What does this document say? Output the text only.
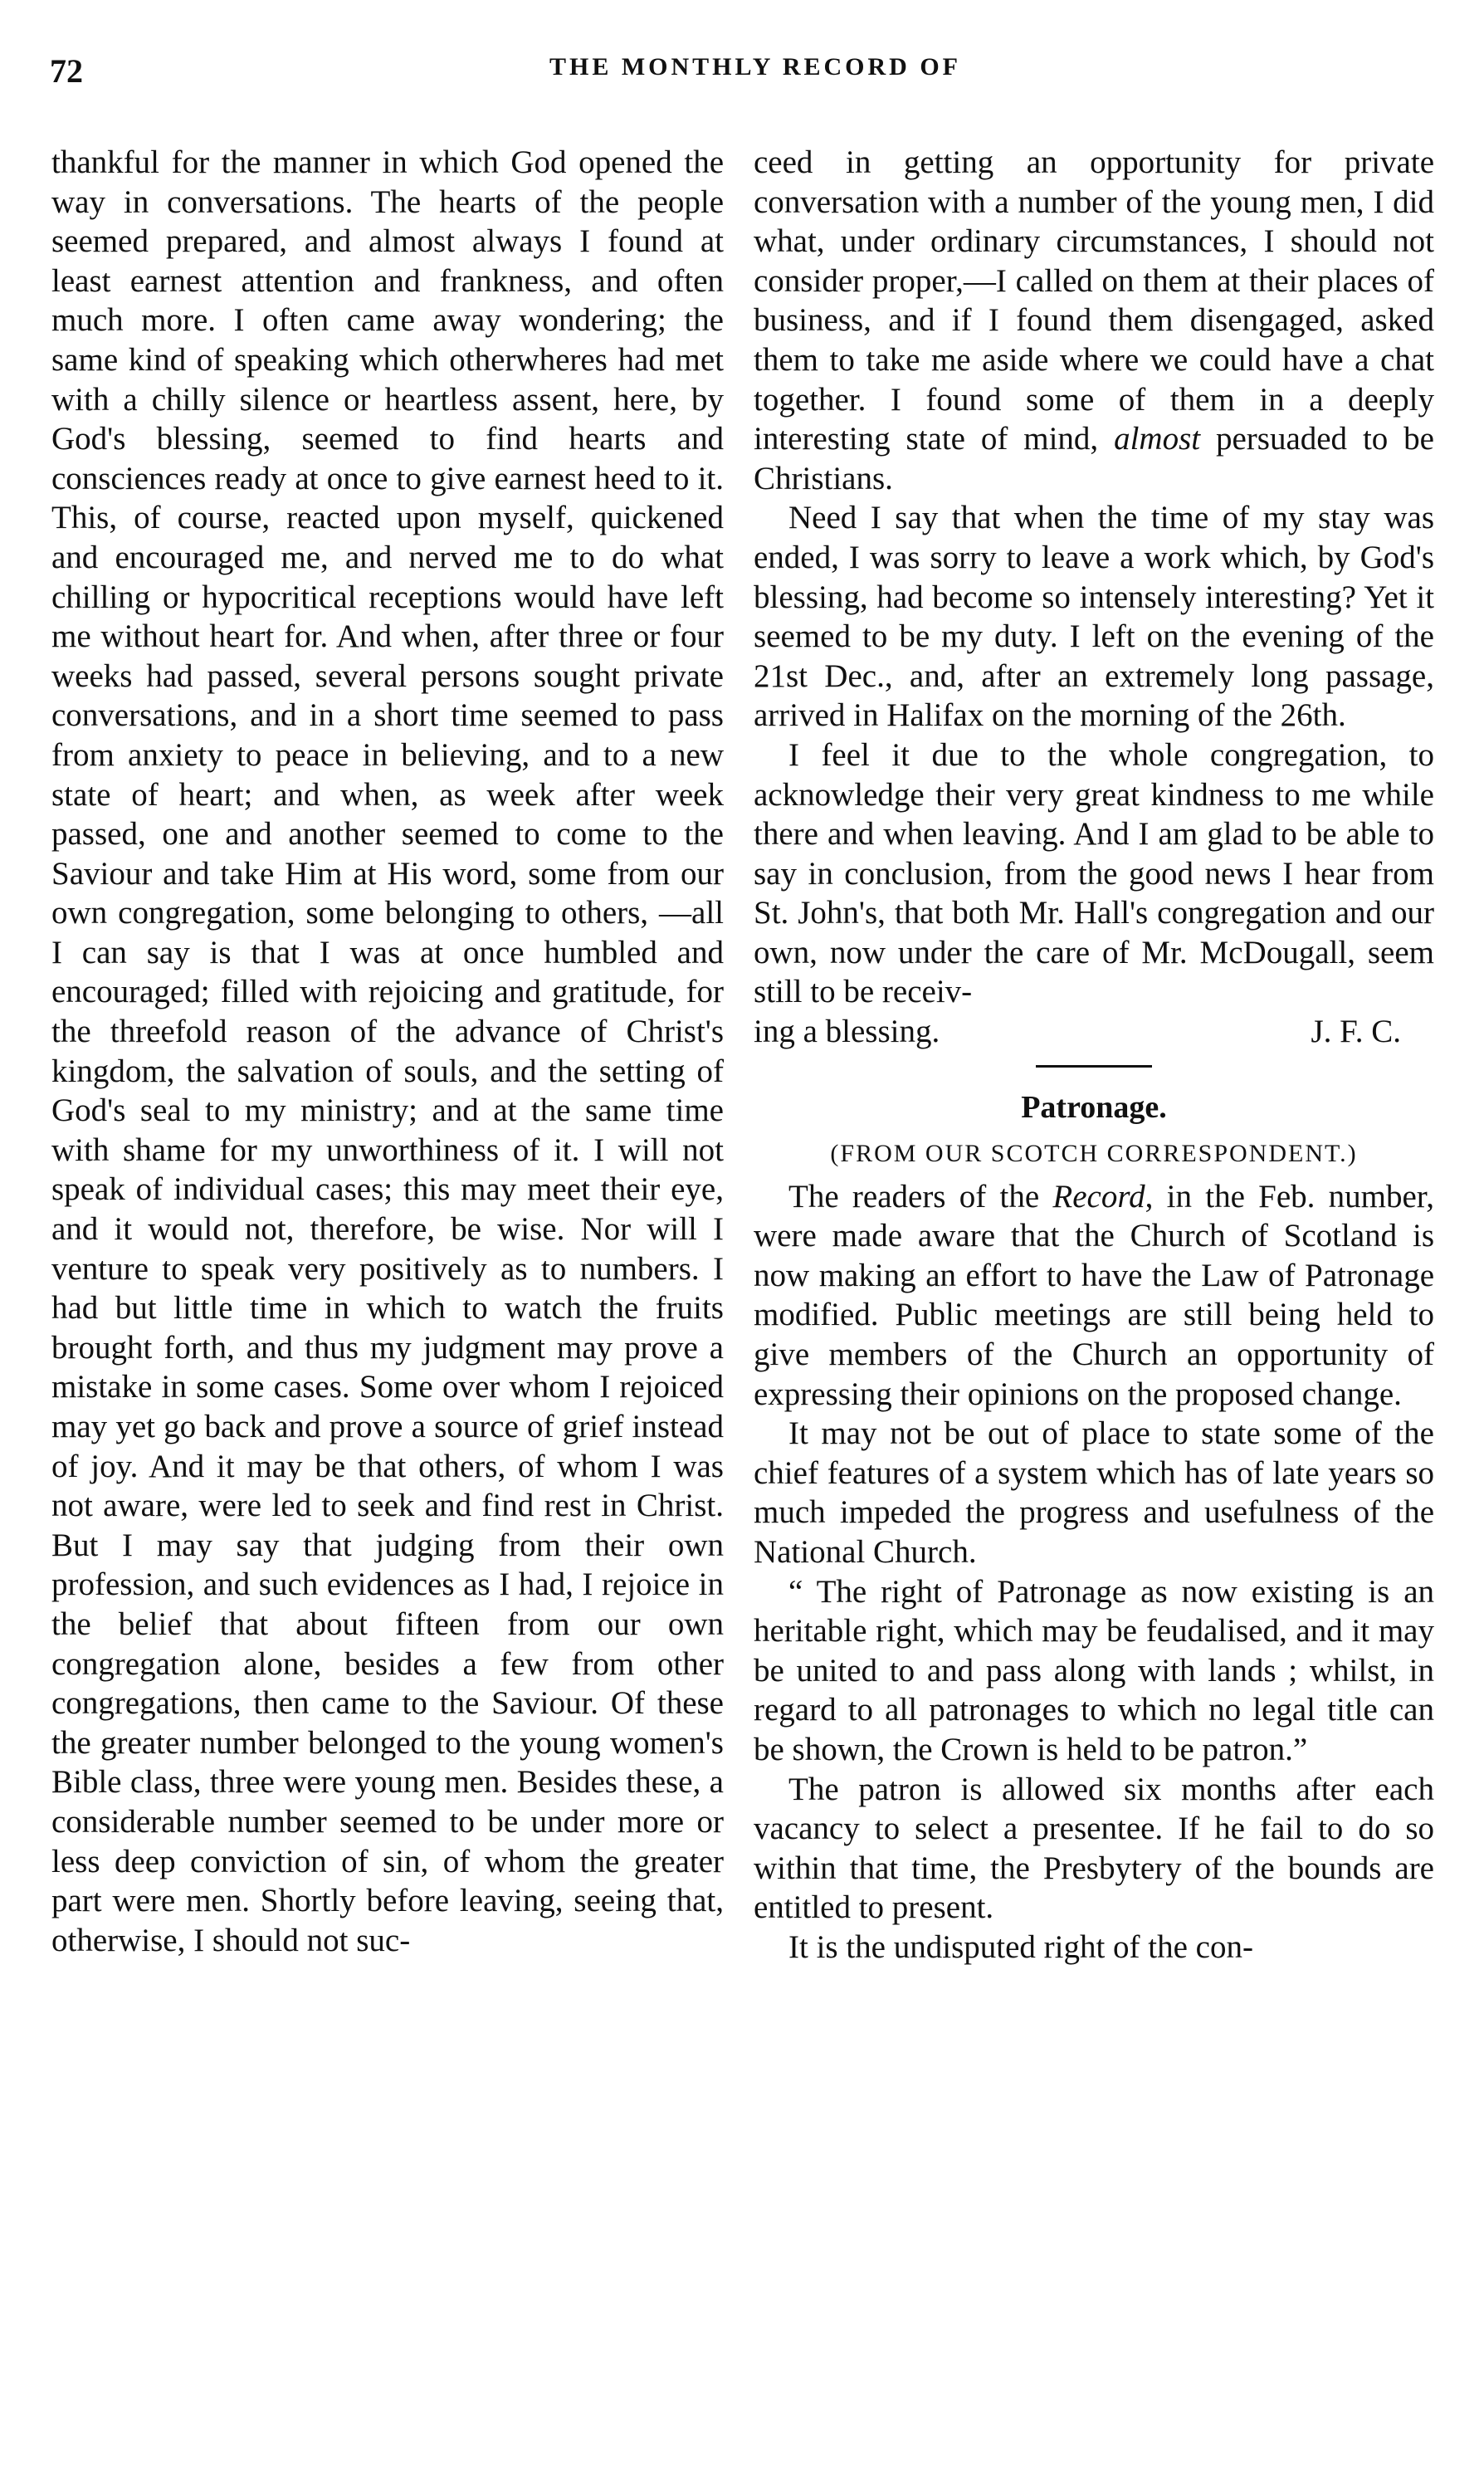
72	THE MONTHLY RECORD OF

thankful for the manner in which God opened the way in conversations. The hearts of the people seemed prepared, and almost always I found at least earnest attention and frankness, and often much more. I often came away wondering; the same kind of speaking which otherwheres had met with a chilly silence or heartless assent, here, by God's blessing, seemed to find hearts and consciences ready at once to give earnest heed to it. This, of course, reacted upon myself, quickened and encouraged me, and nerved me to do what chilling or hypocritical receptions would have left me without heart for. And when, after three or four weeks had passed, several persons sought private conversations, and in a short time seemed to pass from anxiety to peace in believing, and to a new state of heart; and when, as week after week passed, one and another seemed to come to the Saviour and take Him at His word, some from our own congregation, some belonging to others, —all I can say is that I was at once humbled and encouraged; filled with rejoicing and gratitude, for the threefold reason of the advance of Christ's kingdom, the salvation of souls, and the setting of God's seal to my ministry; and at the same time with shame for my unworthiness of it. I will not speak of individual cases; this may meet their eye, and it would not, therefore, be wise. Nor will I venture to speak very positively as to numbers. I had but little time in which to watch the fruits brought forth, and thus my judgment may prove a mistake in some cases. Some over whom I rejoiced may yet go back and prove a source of grief instead of joy. And it may be that others, of whom I was not aware, were led to seek and find rest in Christ. But I may say that judging from their own profession, and such evidences as I had, I rejoice in the belief that about fifteen from our own congregation alone, besides a few from other congregations, then came to the Saviour. Of these the greater number belonged to the young women's Bible class, three were young men. Besides these, a considerable number seemed to be under more or less deep conviction of sin, of whom the greater part were men. Shortly before leaving, seeing that, otherwise, I should not suc-

ceed in getting an opportunity for private conversation with a number of the young men, I did what, under ordinary circumstances, I should not consider proper,—I called on them at their places of business, and if I found them disengaged, asked them to take me aside where we could have a chat together. I found some of them in a deeply interesting state of mind, almost persuaded to be Christians.

Need I say that when the time of my stay was ended, I was sorry to leave a work which, by God's blessing, had become so intensely interesting? Yet it seemed to be my duty. I left on the evening of the 21st Dec., and, after an extremely long passage, arrived in Halifax on the morning of the 26th.

I feel it due to the whole congregation, to acknowledge their very great kindness to me while there and when leaving. And I am glad to be able to say in conclusion, from the good news I hear from St. John's, that both Mr. Hall's congregation and our own, now under the care of Mr. McDougall, seem still to be receiv-

ing a blessing.	J. F. C.

Patronage.

(FROM OUR SCOTCH CORRESPONDENT.)

The readers of the Record, in the Feb. number, were made aware that the Church of Scotland is now making an effort to have the Law of Patronage modified. Public meetings are still being held to give members of the Church an opportunity of expressing their opinions on the proposed change.

It may not be out of place to state some of the chief features of a system which has of late years so much impeded the progress and usefulness of the National Church.

“ The right of Patronage as now existing is an heritable right, which may be feudalised, and it may be united to and pass along with lands ; whilst, in regard to all patronages to which no legal title can be shown, the Crown is held to be patron.”

The patron is allowed six months after each vacancy to select a presentee. If he fail to do so within that time, the Presbytery of the bounds are entitled to present.

It is the undisputed right of the con-
